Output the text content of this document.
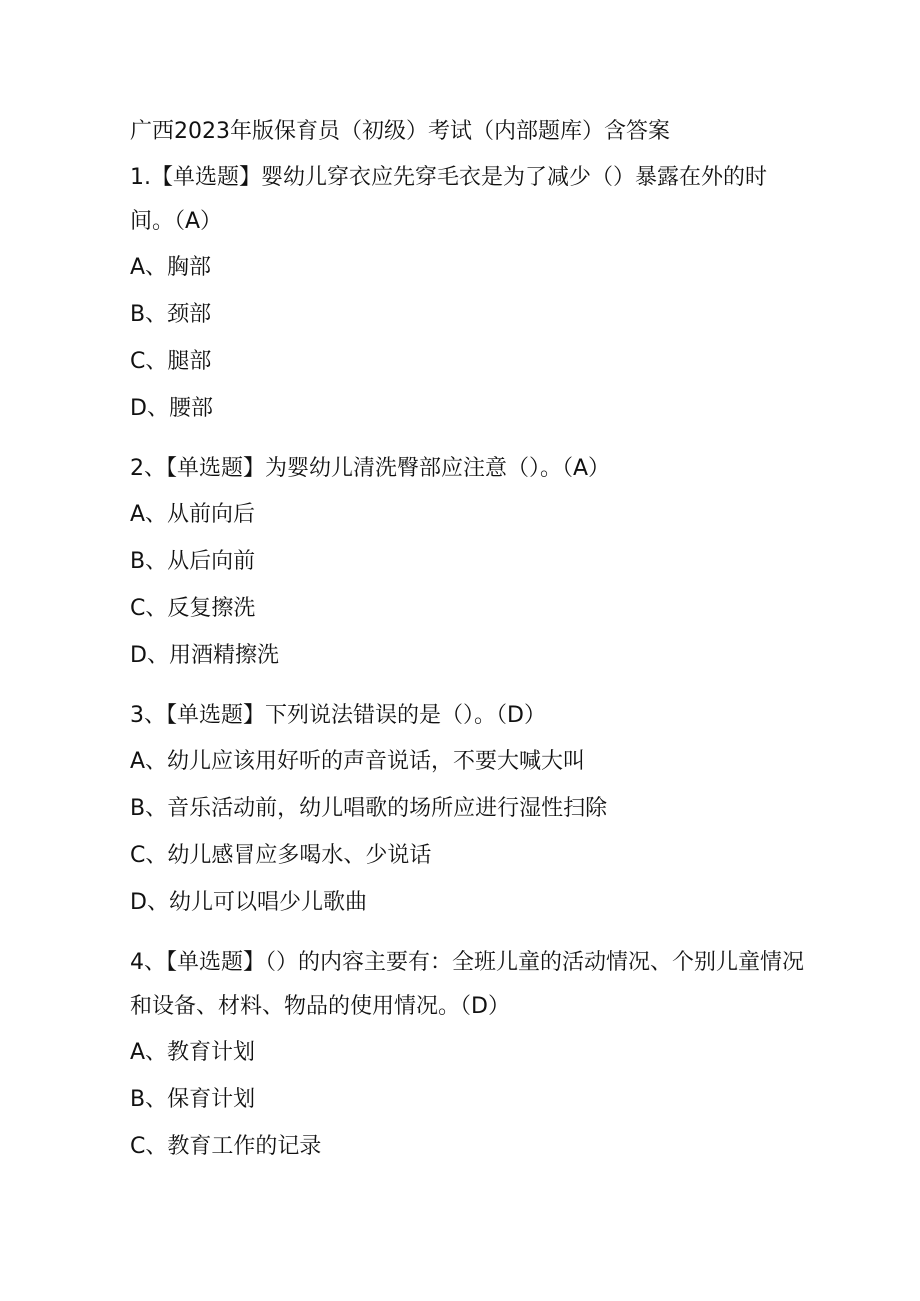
广西2023年版保育员（初级）考试（内部题库）含答案
1.【单选题】婴幼儿穿衣应先穿毛衣是为了减少（）暴露在外的时间。（A）
A、胸部
B、颈部
C、腿部
D、腰部
2、【单选题】为婴幼儿清洗臀部应注意（）。（A）
A、从前向后
B、从后向前
C、反复擦洗
D、用酒精擦洗
3、【单选题】下列说法错误的是（）。（D）
A、幼儿应该用好听的声音说话，不要大喊大叫
B、音乐活动前，幼儿唱歌的场所应进行湿性扫除
C、幼儿感冒应多喝水、少说话
D、幼儿可以唱少儿歌曲
4、【单选题】（）的内容主要有：全班儿童的活动情况、个别儿童情况和设备、材料、物品的使用情况。（D）
A、教育计划
B、保育计划
C、教育工作的记录
